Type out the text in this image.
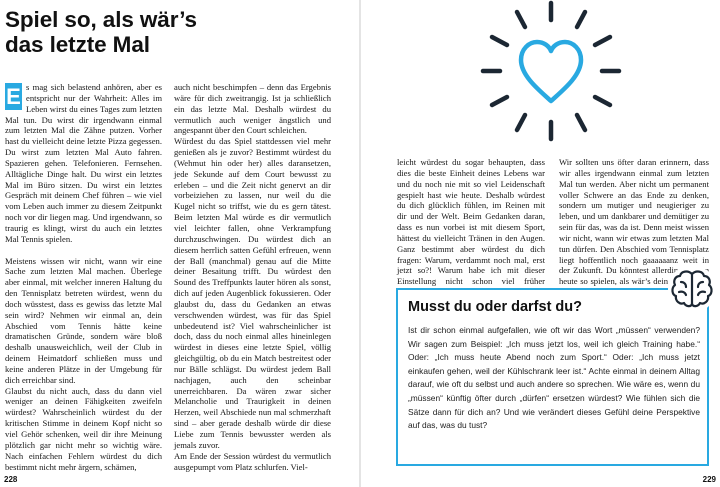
Spiel so, als wär’s das letzte Mal

E s mag sich belastend anhören, aber es entspricht nur der Wahrheit: Alles im Leben wirst du eines Tages zum letzten Mal tun. Du wirst dir irgendwann einmal zum letzten Mal die Zähne putzen. Vorher hast du vielleicht deine letzte Pizza gegessen. Du wirst zum letzten Mal Auto fahren. Spazieren gehen. Telefonieren. Fernsehen. Alltägliche Dinge halt. Du wirst ein letztes Mal im Büro sitzen. Du wirst ein letztes Gespräch mit deinem Chef führen – wie viel vom Leben auch immer zu diesem Zeitpunkt noch vor dir liegen mag. Und irgendwann, so traurig es klingt, wirst du auch ein letztes Mal Tennis spielen.

Meistens wissen wir nicht, wann wir eine Sache zum letzten Mal machen. Überlege aber einmal, mit welcher inneren Haltung du den Tennisplatz betreten würdest, wenn du doch wüsstest, dass es gewiss das letzte Mal sein wird? Nehmen wir einmal an, dein Abschied vom Tennis hätte keine dramatischen Gründe, sondern wäre bloß deshalb unausweichlich, weil der Club in deinem Heimatdorf schließen muss und keine anderen Plätze in der Umgebung für dich erreichbar sind.

Glaubst du nicht auch, dass du dann viel weniger an deinen Fähigkeiten zweifeln würdest? Wahrscheinlich würdest du der kritischen Stimme in deinem Kopf nicht so viel Gehör schenken, weil dir ihre Meinung plötzlich gar nicht mehr so wichtig wäre. Nach einfachen Fehlern würdest du dich bestimmt nicht mehr ärgern, schämen,

auch nicht beschimpfen – denn das Ergebnis wäre für dich zweitrangig. Ist ja schließlich ein das letzte Mal. Deshalb würdest du vermutlich auch weniger ängstlich und angespannt über den Court schleichen.

Würdest du das Spiel stattdessen viel mehr genießen als je zuvor? Bestimmt würdest du (Wehmut hin oder her) alles daransetzen, jede Sekunde auf dem Court bewusst zu erleben – und die Zeit nicht genervt an dir vorbeiziehen zu lassen, nur weil du die Kugel nicht so triffst, wie du es gern tätest. Beim letzten Mal würde es dir vermutlich viel leichter fallen, ohne Verkrampfung durchzuschwingen. Du würdest dich an diesem herrlich satten Gefühl erfreuen, wenn der Ball (manchmal) genau auf die Mitte deiner Besaitung trifft. Du würdest den Sound des Treffpunkts lauter hören als sonst, dich auf jeden Augenblick fokussieren. Oder glaubst du, dass du Gedanken an etwas verschwenden würdest, was für das Spiel unbedeutend ist? Viel wahrscheinlicher ist doch, dass du noch einmal alles hineinlegen würdest in dieses eine letzte Spiel, völlig gleichgültig, ob du ein Match bestreitest oder nur Bälle schlägst. Du würdest jedem Ball nachjagen, auch den scheinbar unerreichbaren. Da wären zwar sicher Melancholie und Traurigkeit in deinen Herzen, weil Abschiede nun mal schmerzhaft sind – aber gerade deshalb würde dir diese Liebe zum Tennis bewusster werden als jemals zuvor.

Am Ende der Session würdest du vermutlich ausgepumpt vom Platz schlurfen. Viel-

228

leicht würdest du sogar behaupten, dass dies die beste Einheit deines Lebens war und du noch nie mit so viel Leidenschaft gespielt hast wie heute. Deshalb würdest du dich glücklich fühlen, im Reinen mit dir und der Welt. Beim Gedanken daran, dass es nun vorbei ist mit diesem Sport, hättest du vielleicht Tränen in den Augen. Ganz bestimmt aber würdest du dich fragen: Warum, verdammt noch mal, erst jetzt so?! Warum habe ich mit dieser Einstellung nicht schon viel früher

Wir sollten uns öfter daran erinnern, dass wir alles irgendwann einmal zum letzten Mal tun werden. Aber nicht um permanent voller Schwere an das Ende zu denken, sondern um mutiger und neugieriger zu leben, und um dankbarer und demütiger zu sein für das, was da ist. Denn meist wissen wir nicht, wann wir etwas zum letzten Mal tun dürfen. Den Abschied vom Tennisplatz liegt hoffentlich noch gaaaaaanz weit in der Zukunft. Du könntest allerdings schon heute so spielen, als wär’s dein letztes Mal

Musst du oder darfst du?
Ist dir schon einmal aufgefallen, wie oft wir das Wort „müssen“ verwenden? Wir sagen zum Beispiel: „Ich muss jetzt los, weil ich gleich Training habe.“ Oder: „Ich muss heute Abend noch zum Sport.“ Oder: „Ich muss jetzt einkaufen gehen, weil der Kühlschrank leer ist.“ Achte einmal in deinem Alltag darauf, wie oft du selbst und auch andere so sprechen. Wie wäre es, wenn du „müssen“ künftig öfter durch „dürfen“ ersetzen würdest? Wie fühlen sich die Sätze dann für dich an? Und wie verändert dieses Gefühl deine Perspektive auf das, was du tust?
229
